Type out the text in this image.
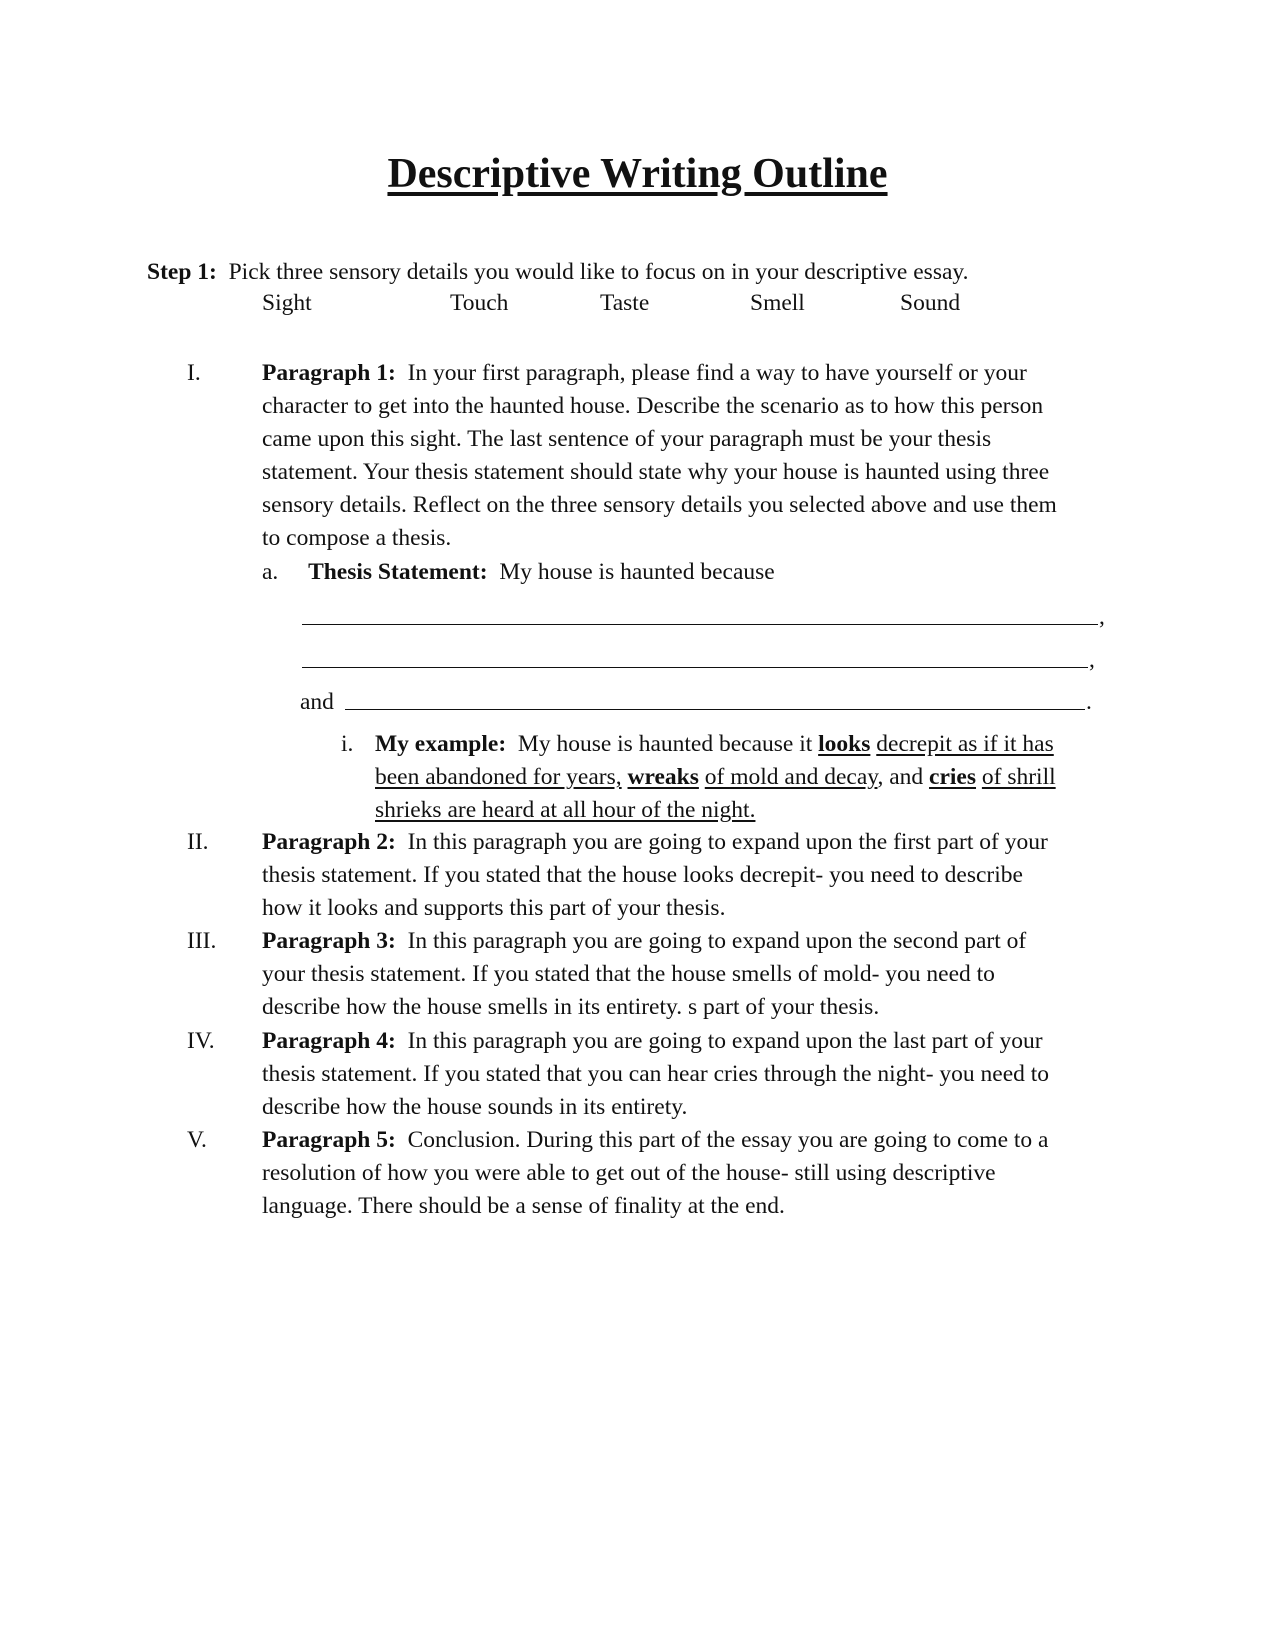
Descriptive Writing Outline
Step 1: Pick three sensory details you would like to focus on in your descriptive essay.
Sight	Touch	Taste	Smell	Sound
I.	Paragraph 1: In your first paragraph, please find a way to have yourself or your
character to get into the haunted house. Describe the scenario as to how this person
came upon this sight. The last sentence of your paragraph must be your thesis
statement. Your thesis statement should state why your house is haunted using three
sensory details. Reflect on the three sensory details you selected above and use them
to compose a thesis.
a. Thesis Statement: My house is haunted because
,
,
and	.
i. My example: My house is haunted because it looks decrepit as if it has
been abandoned for years, wreaks of mold and decay, and cries of shrill
shrieks are heard at all hour of the night.
II. Paragraph 2: In this paragraph you are going to expand upon the first part of your
thesis statement. If you stated that the house looks decrepit- you need to describe
how it looks and supports this part of your thesis.
III. Paragraph 3: In this paragraph you are going to expand upon the second part of
your thesis statement. If you stated that the house smells of mold- you need to
describe how the house smells in its entirety. s part of your thesis.
IV. Paragraph 4: In this paragraph you are going to expand upon the last part of your
thesis statement. If you stated that you can hear cries through the night- you need to
describe how the house sounds in its entirety.
V. Paragraph 5: Conclusion. During this part of the essay you are going to come to a
resolution of how you were able to get out of the house- still using descriptive
language. There should be a sense of finality at the end.
